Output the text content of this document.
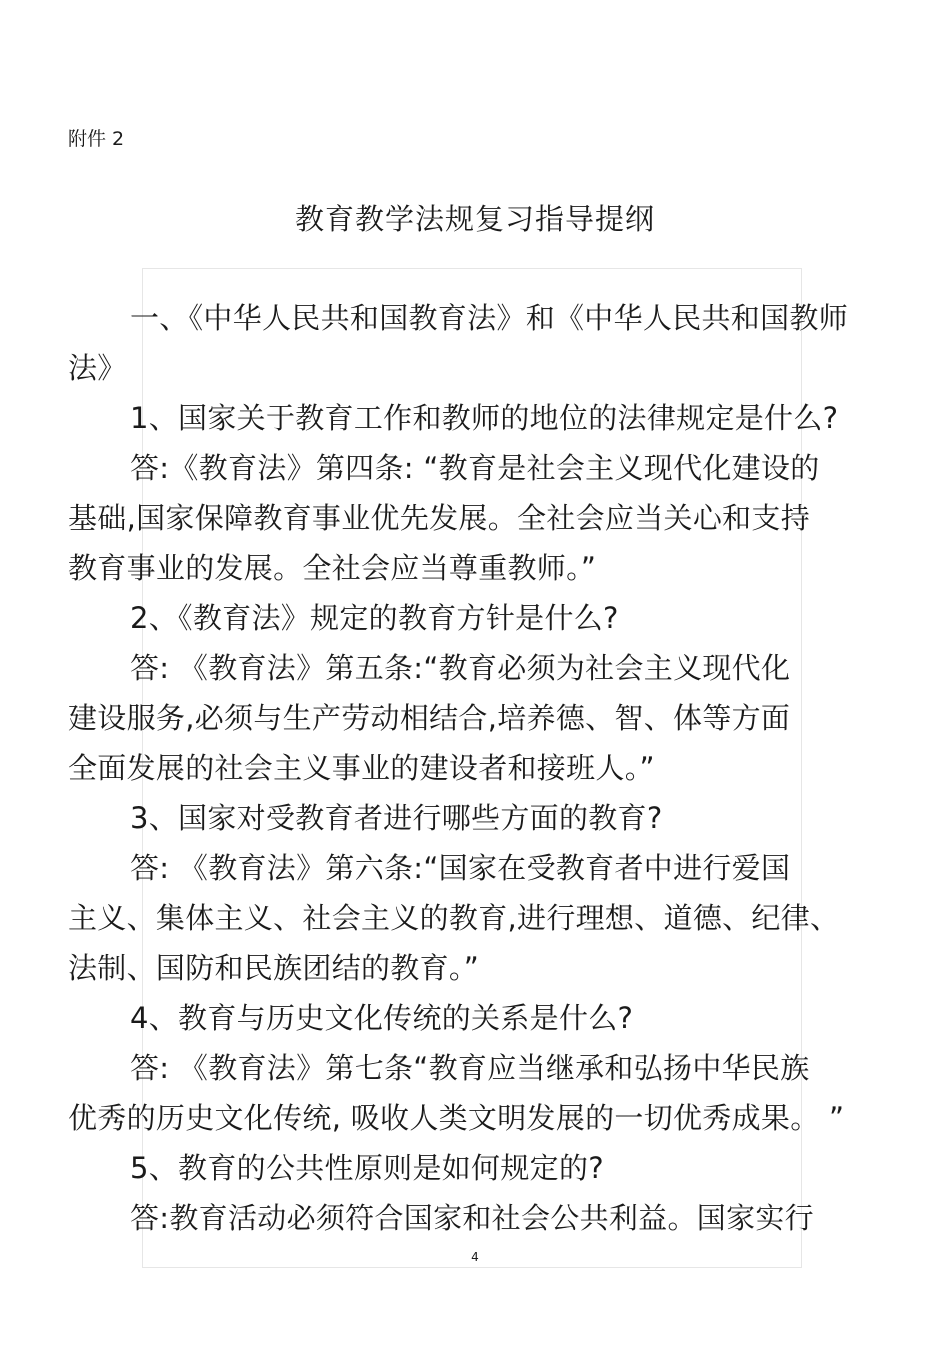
附件 2
教育教学法规复习指导提纲

一、《中华人民共和国教育法》和《中华人民共和国教师
法》

1、国家关于教育工作和教师的地位的法律规定是什么?

答:《教育法》第四条: “教育是社会主义现代化建设的
基础,国家保障教育事业优先发展。全社会应当关心和支持
教育事业的发展。全社会应当尊重教师。”

2、《教育法》规定的教育方针是什么?

答: 《教育法》第五条:“教育必须为社会主义现代化
建设服务,必须与生产劳动相结合,培养德、智、体等方面
全面发展的社会主义事业的建设者和接班人。”

3、国家对受教育者进行哪些方面的教育?

答: 《教育法》第六条:“国家在受教育者中进行爱国
主义、集体主义、社会主义的教育,进行理想、道德、纪律、
法制、国防和民族团结的教育。”

4、教育与历史文化传统的关系是什么?

答: 《教育法》第七条“教育应当继承和弘扬中华民族
优秀的历史文化传统, 吸收人类文明发展的一切优秀成果。 ”

5、教育的公共性原则是如何规定的?

答:教育活动必须符合国家和社会公共利益。国家实行

4
